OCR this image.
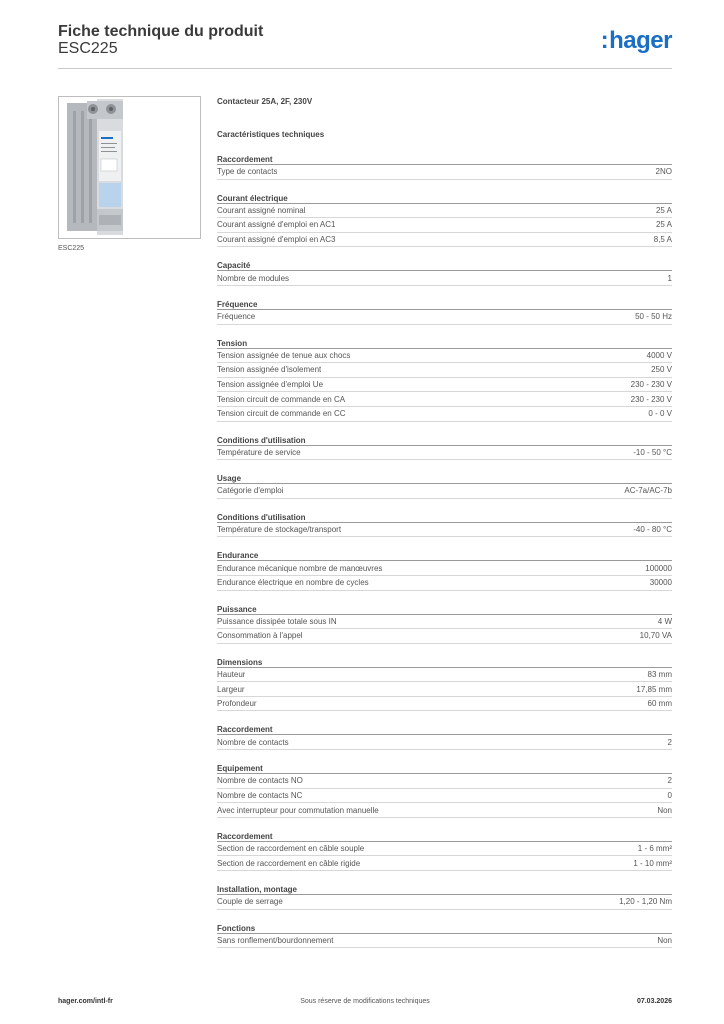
Fiche technique du produit
ESC225	:hager
ESC225
Contacteur 25A, 2F, 230V
Caractéristiques techniques
Raccordement
Type de contacts	2NO
Courant électrique
Courant assigné nominal	25 A
Courant assigné d'emploi en AC1	25 A
Courant assigné d'emploi en AC3	8,5 A
Capacité
Nombre de modules	1
Fréquence
Fréquence	50 - 50 Hz
Tension
Tension assignée de tenue aux chocs	4000 V
Tension assignée d'isolement	250 V
Tension assignée d'emploi Ue	230 - 230 V
Tension circuit de commande en CA	230 - 230 V
Tension circuit de commande en CC	0 - 0 V
Conditions d'utilisation
Température de service	-10 - 50 °C
Usage
Catégorie d'emploi	AC-7a/AC-7b
Conditions d'utilisation
Température de stockage/transport	-40 - 80 °C
Endurance
Endurance mécanique nombre de manœuvres	100000
Endurance électrique en nombre de cycles	30000
Puissance
Puissance dissipée totale sous IN	4 W
Consommation à l'appel	10,70 VA
Dimensions
Hauteur	83 mm
Largeur	17,85 mm
Profondeur	60 mm
Raccordement
Nombre de contacts	2
Equipement
Nombre de contacts NO	2
Nombre de contacts NC	0
Avec interrupteur pour commutation manuelle	Non
Raccordement
Section de raccordement en câble souple	1 - 6 mm²
Section de raccordement en câble rigide	1 - 10 mm²
Installation, montage
Couple de serrage	1,20 - 1,20 Nm
Fonctions
Sans ronflement/bourdonnement	Non
Sous réserve de modifications techniques
hager.com/intl-fr	07.03.2026
